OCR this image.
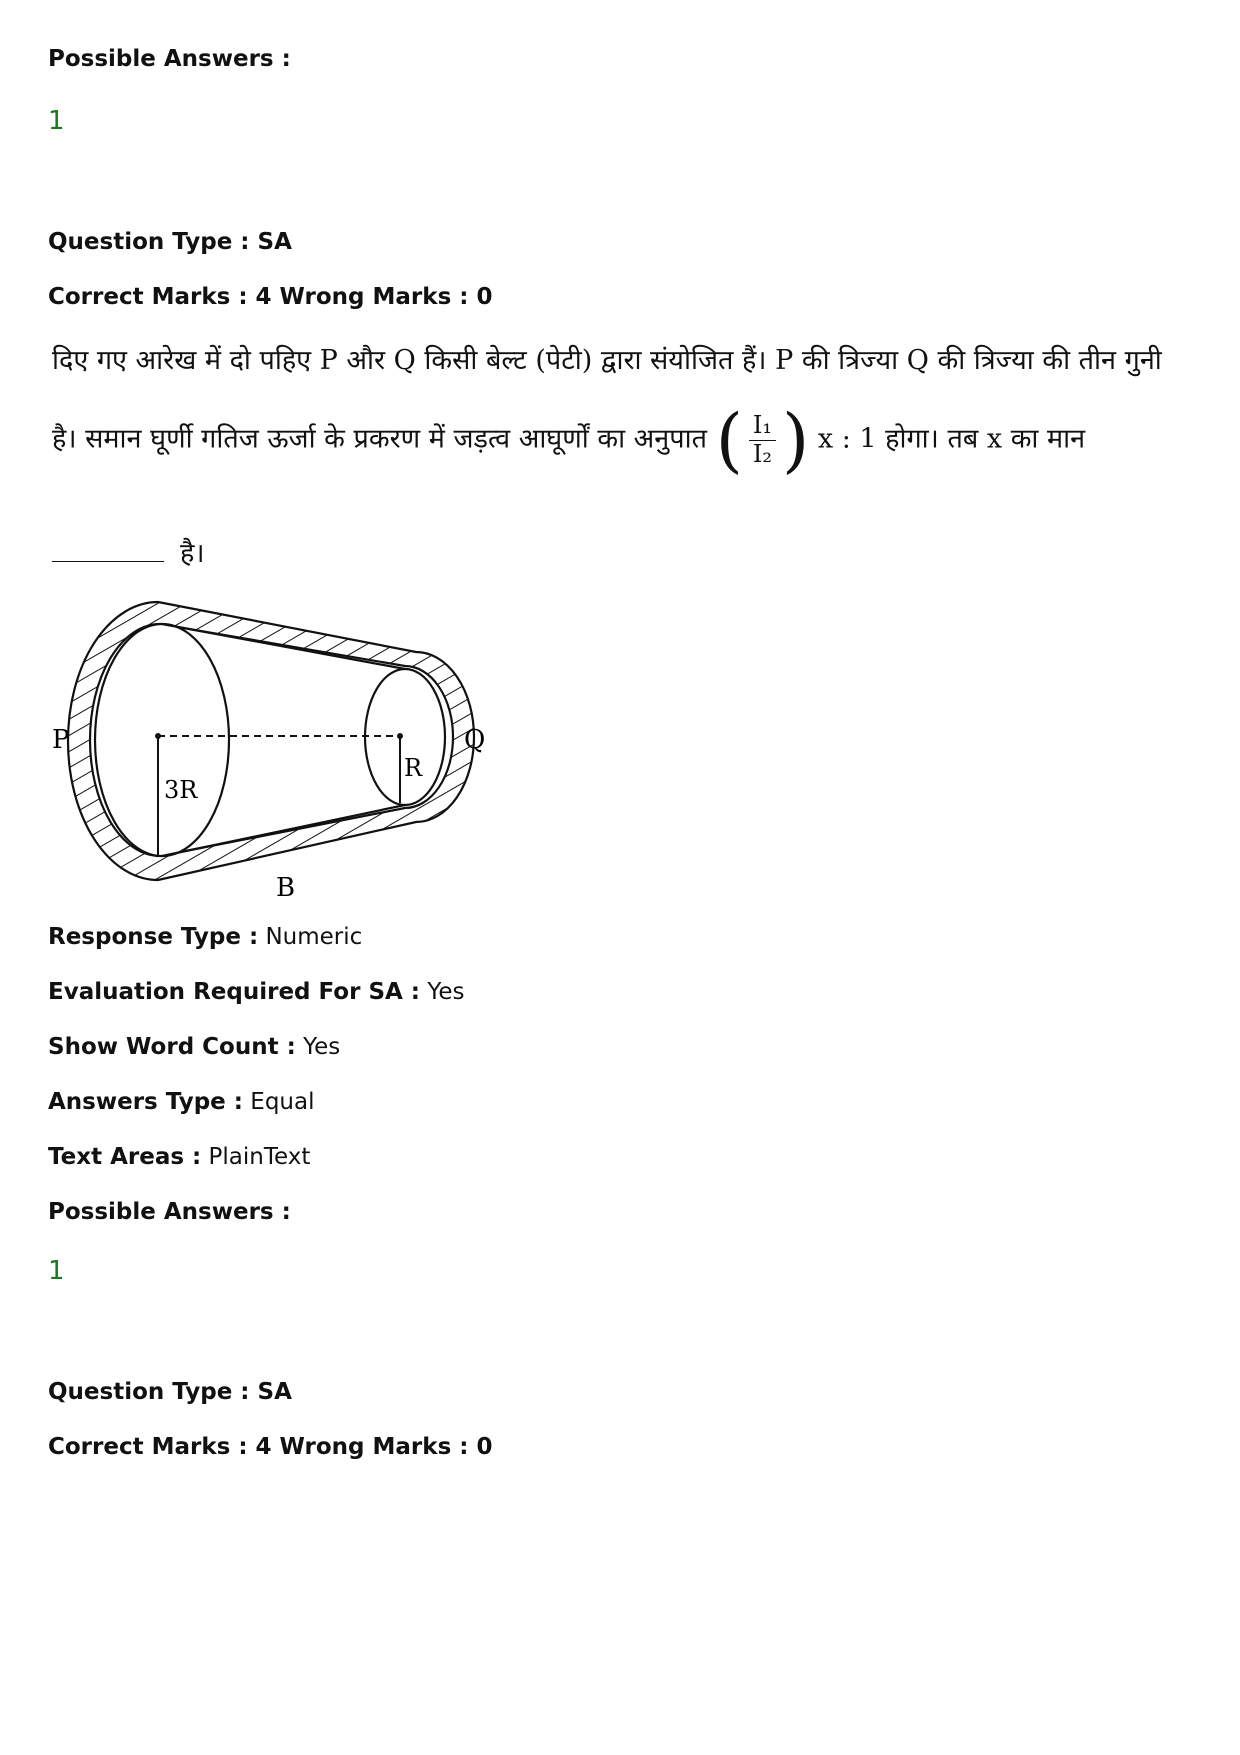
Possible Answers :
1
Question Type : SA
Correct Marks : 4 Wrong Marks : 0
दिए गए आरेख में दो पहिए P और Q किसी बेल्ट (पेटी) द्वारा संयोजित हैं। P की त्रिज्या Q की त्रिज्या की तीन गुनी
है। समान घूर्णी गतिज ऊर्जा के प्रकरण में जड़त्व आघूर्णों का अनुपात ( $\frac{\text{I₁}}{\text{I₂}}$ ) x : 1 होगा। तब x का मान
है।
P	Q
3R
R
B
Response Type : Numeric
Evaluation Required For SA : Yes
Show Word Count : Yes
Answers Type : Equal
Text Areas : PlainText
Possible Answers :
1
Question Type : SA
Correct Marks : 4 Wrong Marks : 0
